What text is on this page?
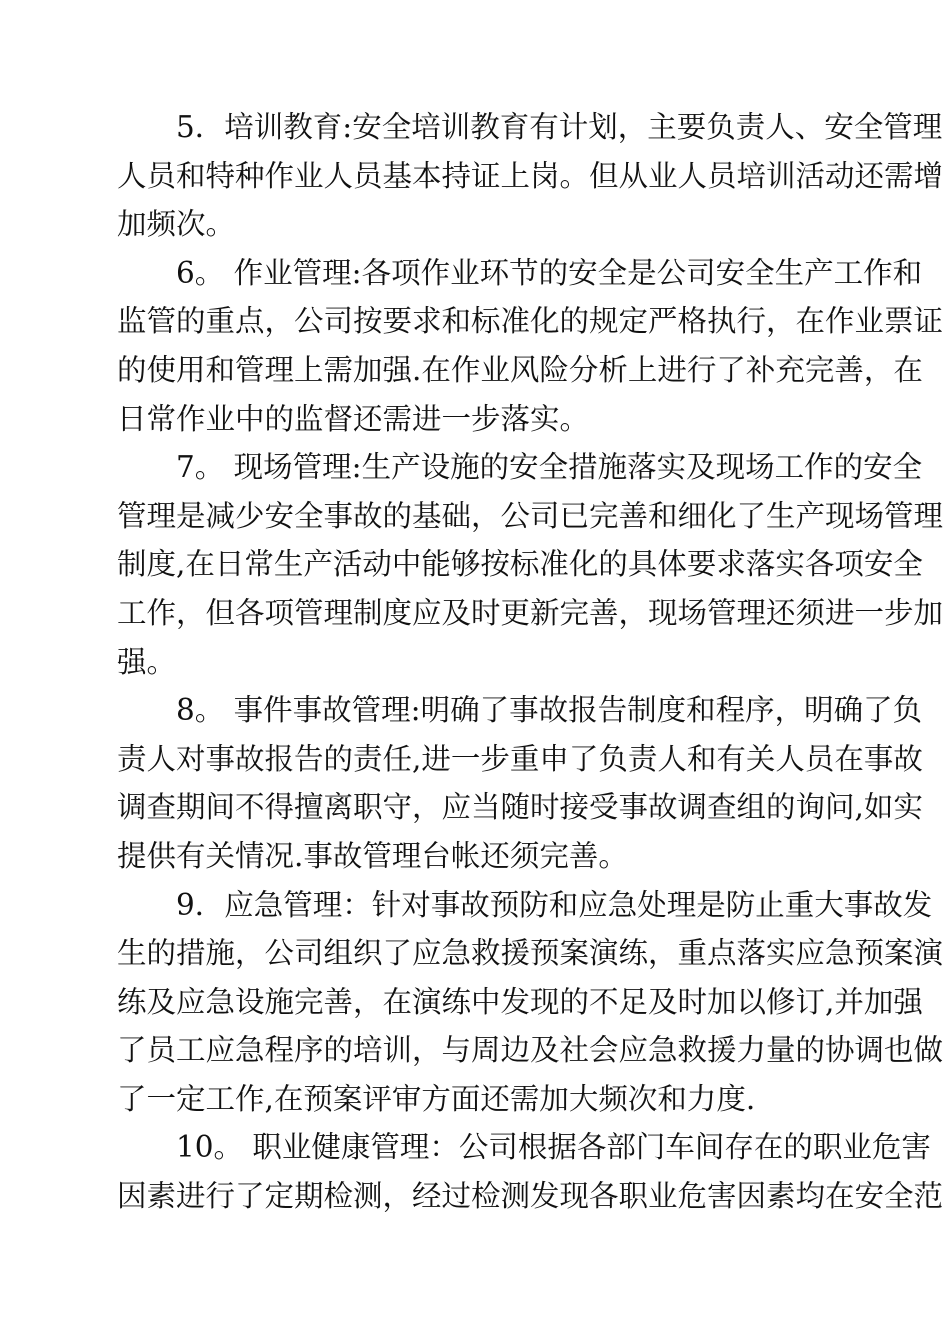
5．培训教育:安全培训教育有计划，主要负责人、安全管理
人员和特种作业人员基本持证上岗。但从业人员培训活动还需增
加频次。
6。 作业管理:各项作业环节的安全是公司安全生产工作和
监管的重点，公司按要求和标准化的规定严格执行，在作业票证
的使用和管理上需加强.在作业风险分析上进行了补充完善，在
日常作业中的监督还需进一步落实。
7。 现场管理:生产设施的安全措施落实及现场工作的安全
管理是减少安全事故的基础，公司已完善和细化了生产现场管理
制度,在日常生产活动中能够按标准化的具体要求落实各项安全
工作，但各项管理制度应及时更新完善，现场管理还须进一步加
强。
8。 事件事故管理:明确了事故报告制度和程序，明确了负
责人对事故报告的责任,进一步重申了负责人和有关人员在事故
调查期间不得擅离职守，应当随时接受事故调查组的询问,如实
提供有关情况.事故管理台帐还须完善。
9．应急管理：针对事故预防和应急处理是防止重大事故发
生的措施，公司组织了应急救援预案演练，重点落实应急预案演
练及应急设施完善，在演练中发现的不足及时加以修订,并加强
了员工应急程序的培训，与周边及社会应急救援力量的协调也做
了一定工作,在预案评审方面还需加大频次和力度.
10。 职业健康管理：公司根据各部门车间存在的职业危害
因素进行了定期检测，经过检测发现各职业危害因素均在安全范
